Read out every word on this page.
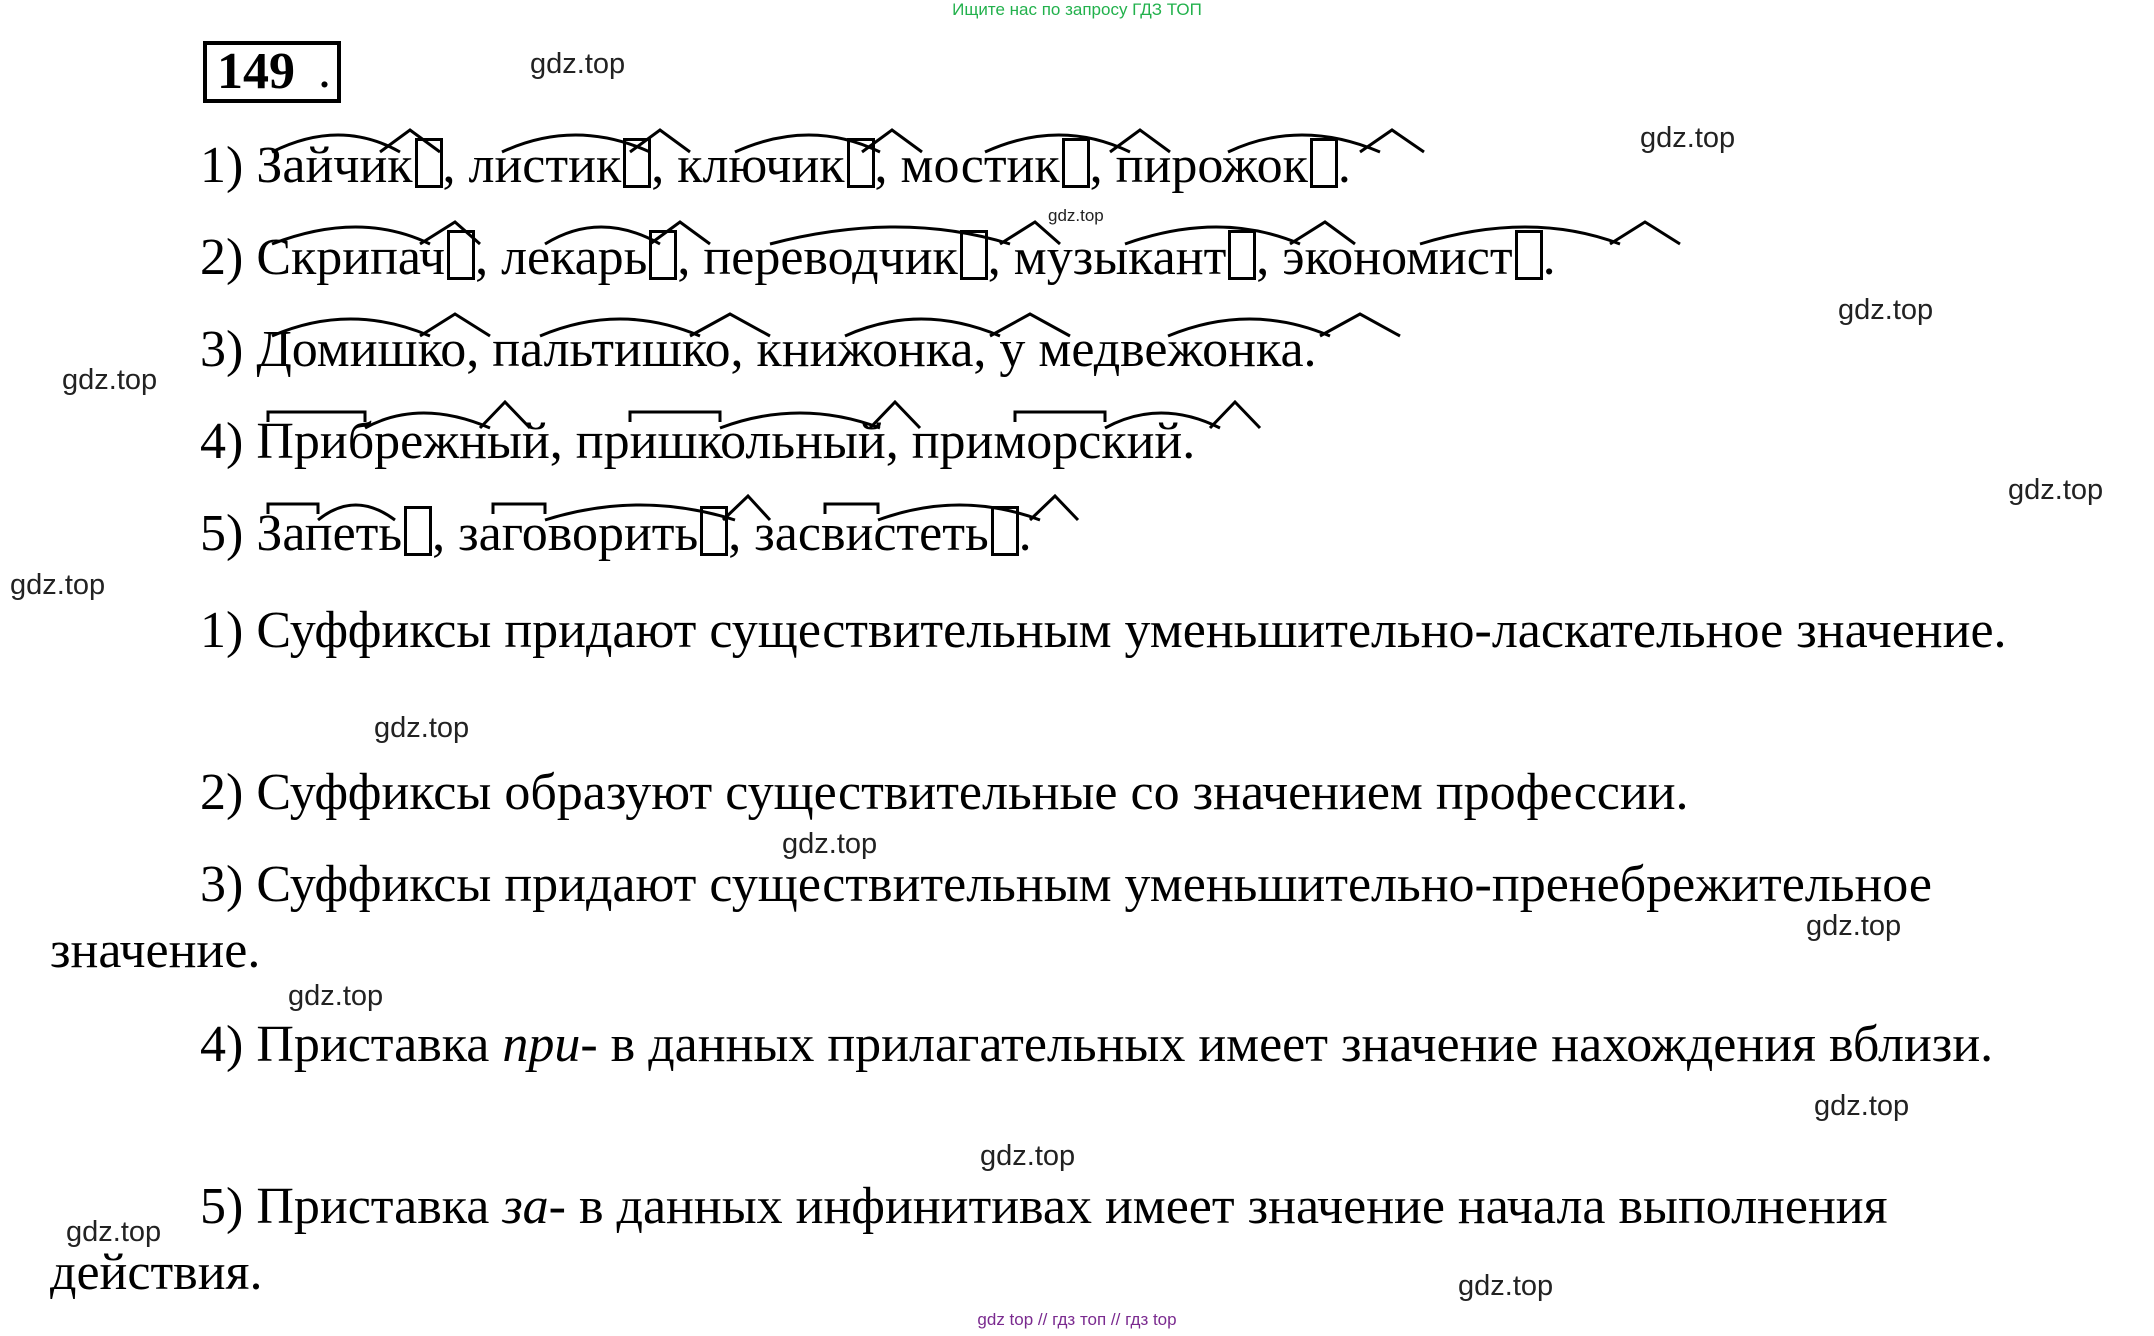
Ищите нас по запросу ГДЗ ТОП
149 .	gdz.top
gdz.top
gdz.top
gdz.top
gdz.top
gdz.top
gdz.top
gdz.top
gdz.top
gdz.top
gdz.top
gdz.top
gdz.top
gdz.top
gdz.top
1) Зайчик , листик , ключик , мостик , пирожок .
2) Скрипач , лекарь , переводчик , музыкант , экономист .
3) Домишко, пальтишко, книжонка, у медвежонка.
4) Прибрежный, пришкольный, приморский.
5) Запеть , заговорить , засвистеть .
1) Суффиксы придают существительным уменьшительно-ласкательное значение.
2) Суффиксы образуют существительные со значением профессии.
3) Суффиксы придают существительным уменьшительно-пренебрежительное значение.
4) Приставка при- в данных прилагательных имеет значение нахождения вблизи.
5) Приставка за- в данных инфинитивах имеет значение начала выполнения действия.
gdz top // гдз топ // гдз top
